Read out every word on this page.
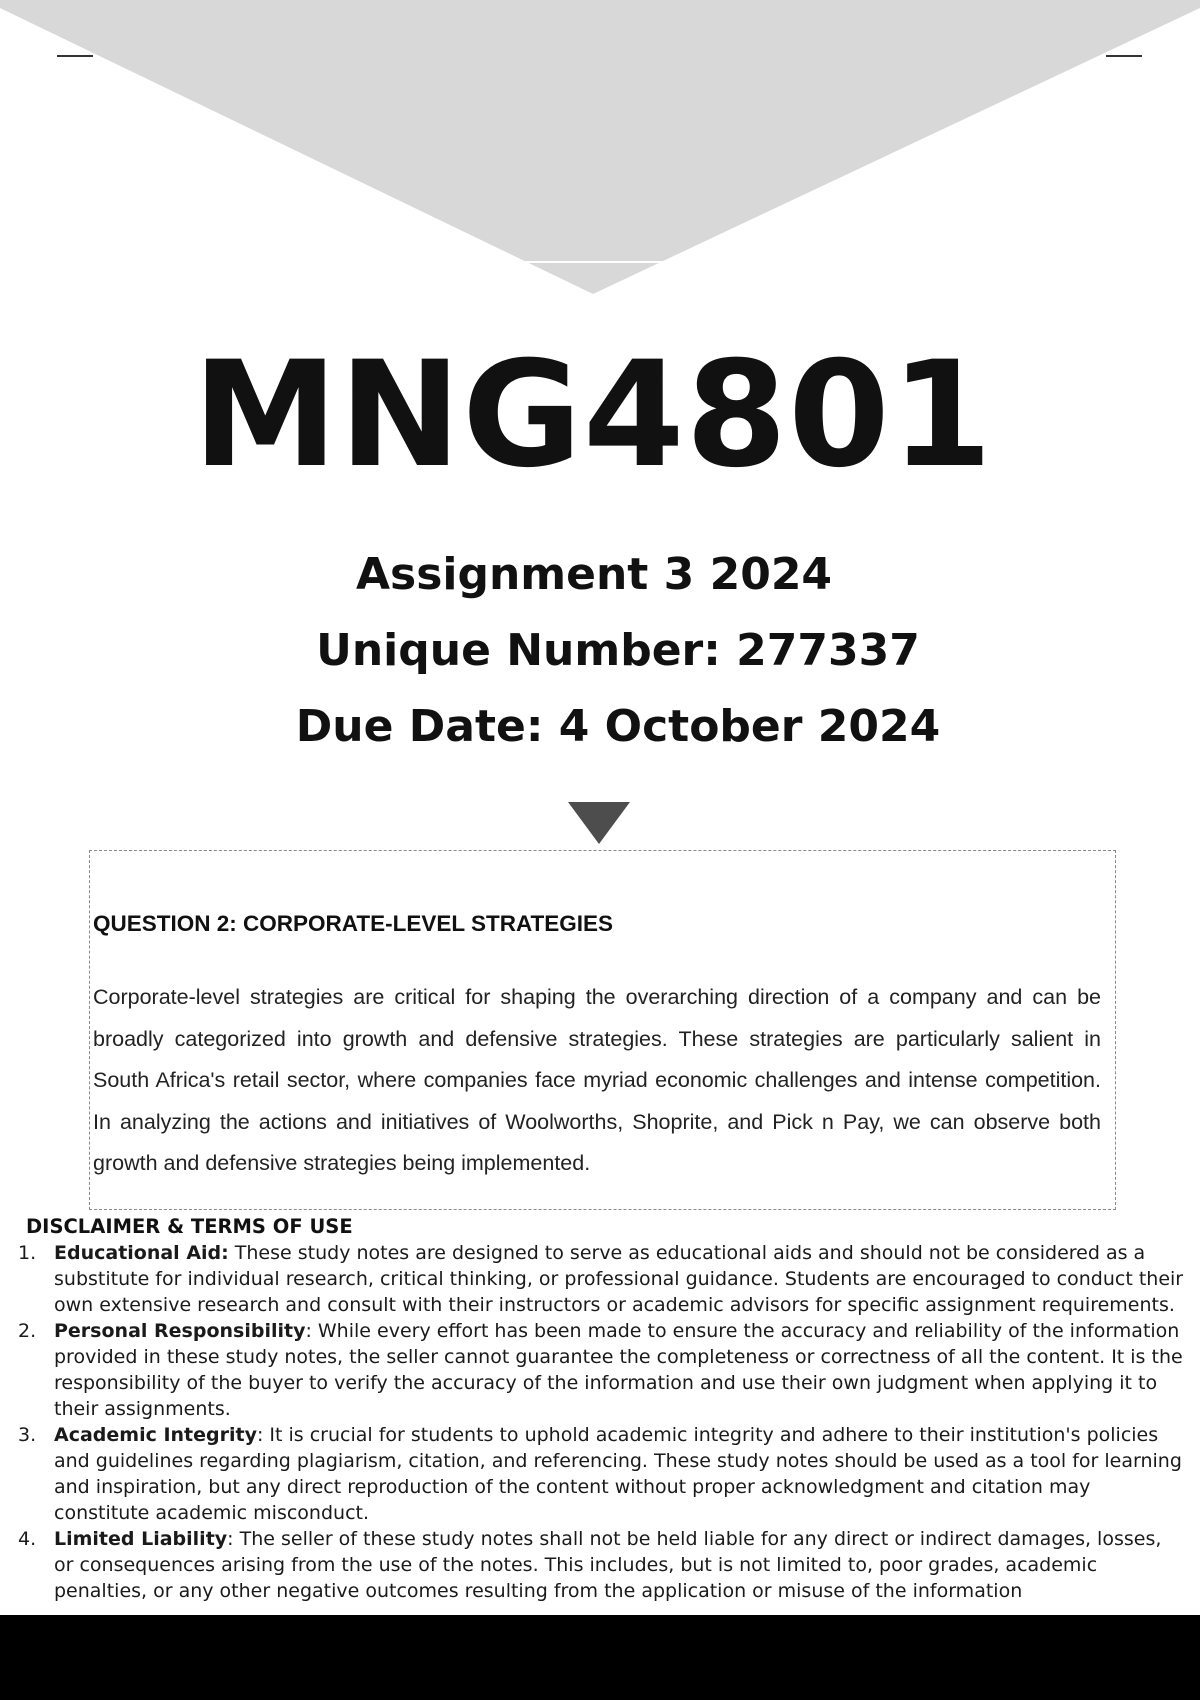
MNG4801
Assignment 3 2024
Unique Number: 277337
Due Date: 4 October 2024
QUESTION 2: CORPORATE-LEVEL STRATEGIES

Corporate-level strategies are critical for shaping the overarching direction of a company and can be broadly categorized into growth and defensive strategies. These strategies are particularly salient in South Africa's retail sector, where companies face myriad economic challenges and intense competition. In analyzing the actions and initiatives of Woolworths, Shoprite, and Pick n Pay, we can observe both growth and defensive strategies being implemented.

DISCLAIMER & TERMS OF USE
1. Educational Aid: These study notes are designed to serve as educational aids and should not be considered as a substitute for individual research, critical thinking, or professional guidance. Students are encouraged to conduct their own extensive research and consult with their instructors or academic advisors for specific assignment requirements.
2. Personal Responsibility: While every effort has been made to ensure the accuracy and reliability of the information provided in these study notes, the seller cannot guarantee the completeness or correctness of all the content. It is the responsibility of the buyer to verify the accuracy of the information and use their own judgment when applying it to their assignments.
3. Academic Integrity: It is crucial for students to uphold academic integrity and adhere to their institution's policies and guidelines regarding plagiarism, citation, and referencing. These study notes should be used as a tool for learning and inspiration, but any direct reproduction of the content without proper acknowledgment and citation may constitute academic misconduct.
4. Limited Liability: The seller of these study notes shall not be held liable for any direct or indirect damages, losses, or consequences arising from the use of the notes. This includes, but is not limited to, poor grades, academic penalties, or any other negative outcomes resulting from the application or misuse of the information
